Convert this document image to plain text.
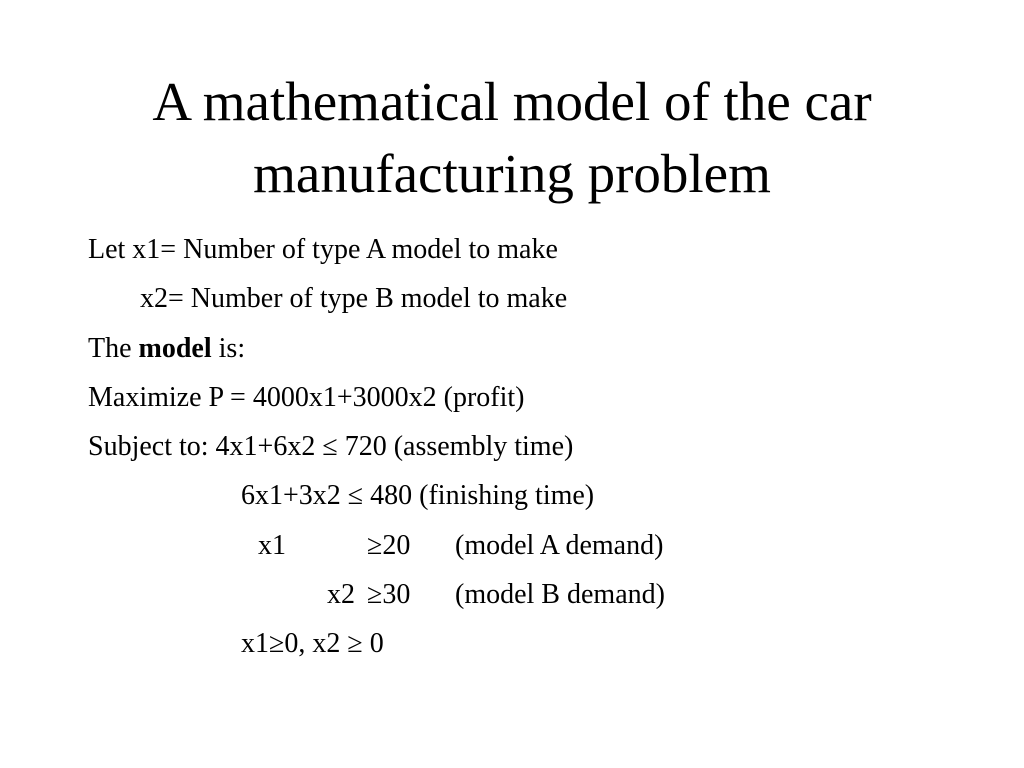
A mathematical model of the car
manufacturing problem
Let x1= Number of type A model to make
x2= Number of type B model to make
The model is:
Maximize P = 4000x1+3000x2 (profit)
Subject to: 4x1+6x2 ≤ 720 (assembly time)
6x1+3x2 ≤ 480 (finishing time)
x1	≥20 (model A demand)
x2 ≥30 (model B demand)
x1≥0, x2 ≥ 0
